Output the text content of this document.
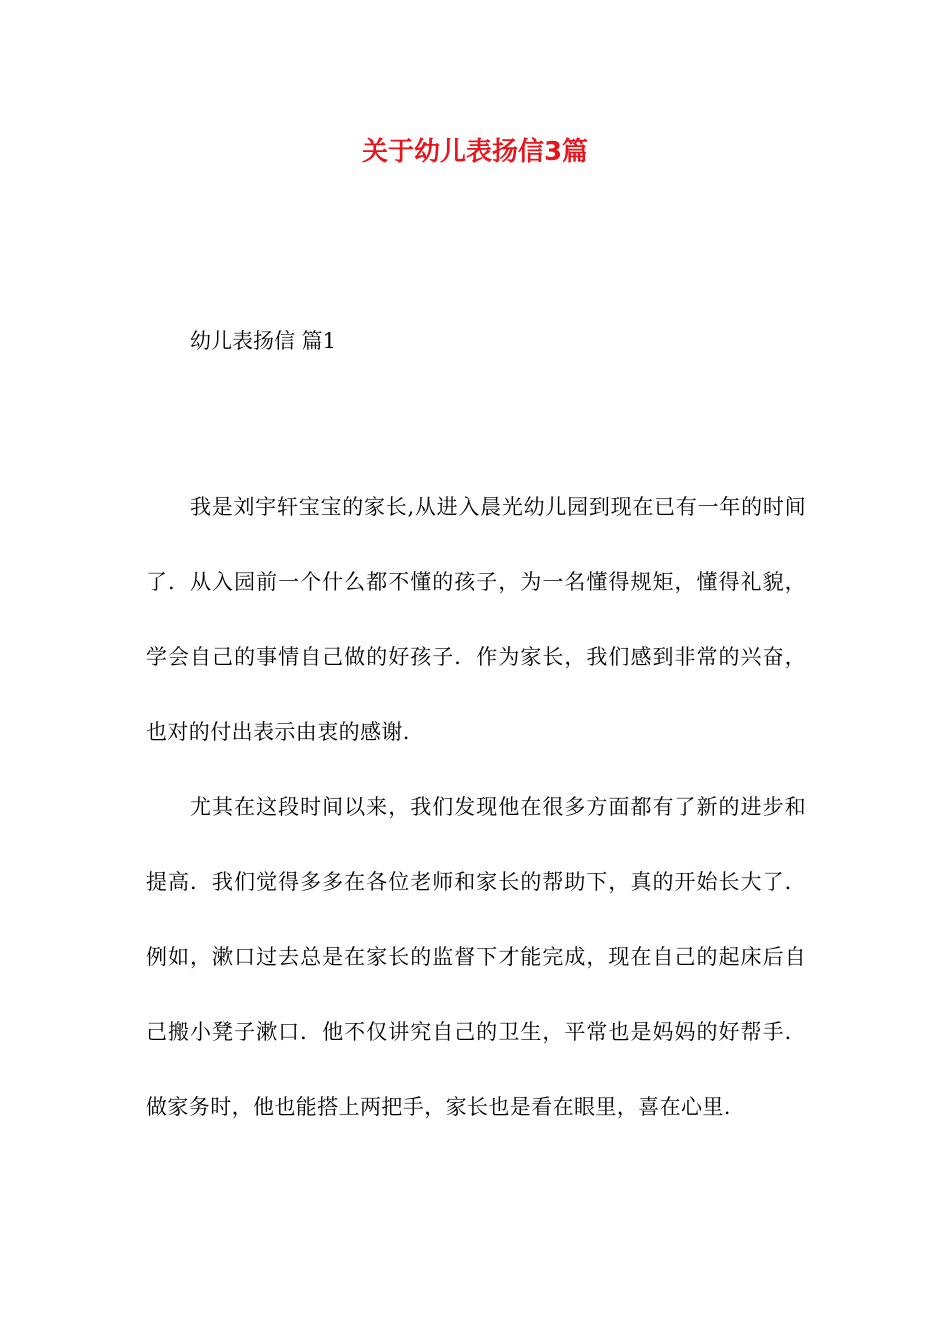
关于幼儿表扬信3篇
幼儿表扬信 篇1

我是刘宇轩宝宝的家长,从进入晨光幼儿园到现在已有一年的时间了．从入园前一个什么都不懂的孩子，为一名懂得规矩，懂得礼貌，学会自己的事情自己做的好孩子．作为家长，我们感到非常的兴奋，也对的付出表示由衷的感谢.

尤其在这段时间以来，我们发现他在很多方面都有了新的进步和提高．我们觉得多多在各位老师和家长的帮助下，真的开始长大了．例如，漱口过去总是在家长的监督下才能完成，现在自己的起床后自己搬小凳子漱口．他不仅讲究自己的卫生，平常也是妈妈的好帮手．做家务时，他也能搭上两把手，家长也是看在眼里，喜在心里.
